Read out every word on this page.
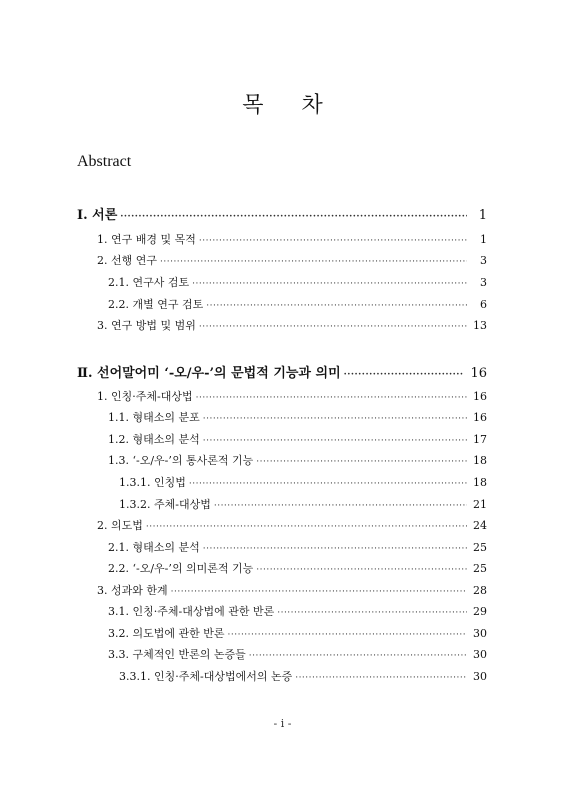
목 차
Abstract
Ⅰ. 서론 ·····	1
1. 연구 배경 및 목적 ·····	1
2. 선행 연구 ·····	3
2.1. 연구사 검토 ·····	3
2.2. 개별 연구 검토 ·····	6
3. 연구 방법 및 범위 ·····	13
Ⅱ. 선어말어미 ‘-오/우-’의 문법적 기능과 의미 ·····	16
1. 인칭·주체-대상법 ·····	16
1.1. 형태소의 분포 ·····	16
1.2. 형태소의 분석 ·····	17
1.3. ‘-오/우-’의 통사론적 기능 ·····	18
1.3.1. 인칭법 ·····	18
1.3.2. 주체-대상법 ·····	21
2. 의도법 ·····	24
2.1. 형태소의 분석 ·····	25
2.2. ‘-오/우-’의 의미론적 기능 ·····	25
3. 성과와 한계 ·····	28
3.1. 인칭·주체-대상법에 관한 반론 ·····	29
3.2. 의도법에 관한 반론 ·····	30
3.3. 구체적인 반론의 논증들 ·····	30
3.3.1. 인칭·주체-대상법에서의 논증 ·····	30
- i -
